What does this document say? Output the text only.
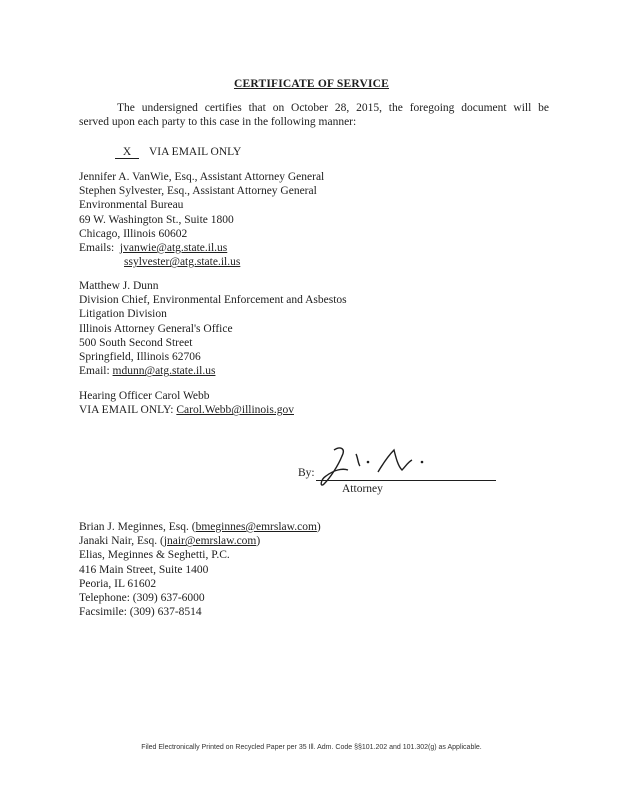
CERTIFICATE OF SERVICE
The undersigned certifies that on October 28, 2015, the foregoing document will be
served upon each party to this case in the following manner:
X VIA EMAIL ONLY
Jennifer A. VanWie, Esq., Assistant Attorney General
Stephen Sylvester, Esq., Assistant Attorney General
Environmental Bureau
69 W. Washington St., Suite 1800
Chicago, Illinois 60602
Emails: jvanwie@atg.state.il.us
ssylvester@atg.state.il.us
Matthew J. Dunn
Division Chief, Environmental Enforcement and Asbestos
Litigation Division
Illinois Attorney General's Office
500 South Second Street
Springfield, Illinois 62706
Email: mdunn@atg.state.il.us
Hearing Officer Carol Webb
VIA EMAIL ONLY: Carol.Webb@illinois.gov
By:
Attorney
Brian J. Meginnes, Esq. (bmeginnes@emrslaw.com)
Janaki Nair, Esq. (jnair@emrslaw.com)
Elias, Meginnes & Seghetti, P.C.
416 Main Street, Suite 1400
Peoria, IL 61602
Telephone: (309) 637-6000
Facsimile: (309) 637-8514
Filed Electronically Printed on Recycled Paper per 35 Ill. Adm. Code §§101.202 and 101.302(g) as Applicable.
